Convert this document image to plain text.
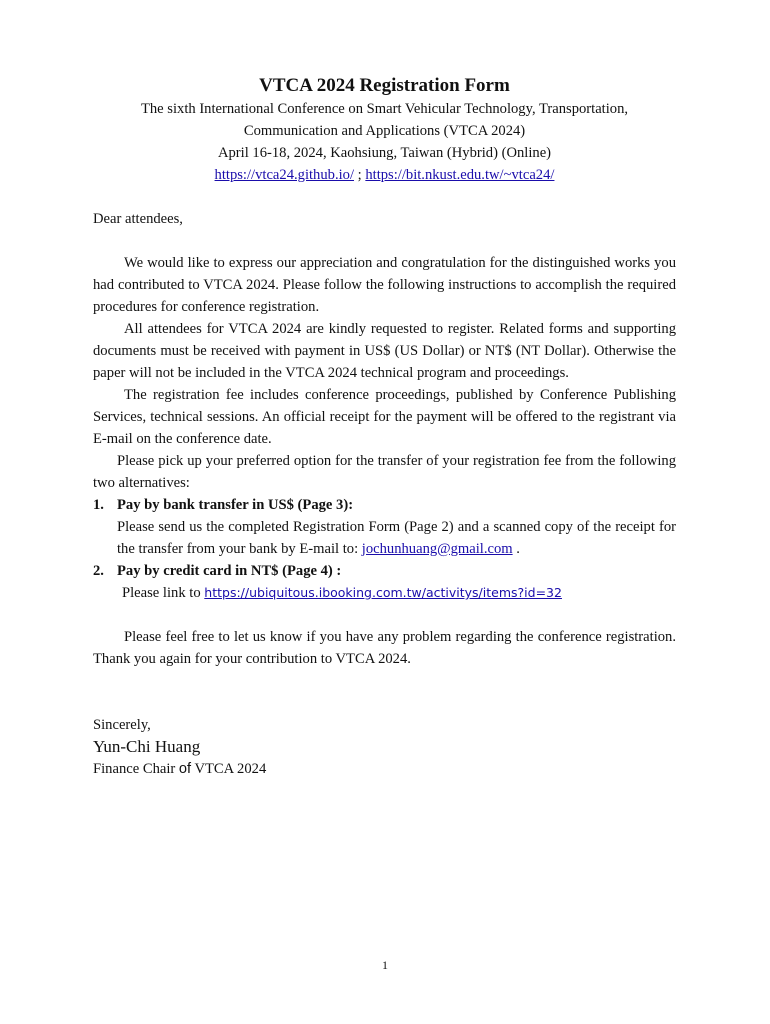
VTCA 2024 Registration Form

The sixth International Conference on Smart Vehicular Technology, Transportation,

Communication and Applications (VTCA 2024)

April 16-18, 2024, Kaohsiung, Taiwan (Hybrid) (Online)

https://vtca24.github.io/ ; https://bit.nkust.edu.tw/~vtca24/

Dear attendees,

We would like to express our appreciation and congratulation for the distinguished works you had contributed to VTCA 2024. Please follow the following instructions to accomplish the required procedures for conference registration.

All attendees for VTCA 2024 are kindly requested to register. Related forms and supporting documents must be received with payment in US$ (US Dollar) or NT$ (NT Dollar). Otherwise the paper will not be included in the VTCA 2024 technical program and proceedings.

The registration fee includes conference proceedings, published by Conference Publishing Services, technical sessions. An official receipt for the payment will be offered to the registrant via E-mail on the conference date.

Please pick up your preferred option for the transfer of your registration fee from the following two alternatives:

1. Pay by bank transfer in US$ (Page 3):

Please send us the completed Registration Form (Page 2) and a scanned copy of the receipt for the transfer from your bank by E-mail to: jochunhuang@gmail.com .

2. Pay by credit card in NT$ (Page 4) :

Please link to https://ubiquitous.ibooking.com.tw/activitys/items?id=32

Please feel free to let us know if you have any problem regarding the conference registration. Thank you again for your contribution to VTCA 2024.

Sincerely,

Yun-Chi Huang

Finance Chair of VTCA 2024

1
